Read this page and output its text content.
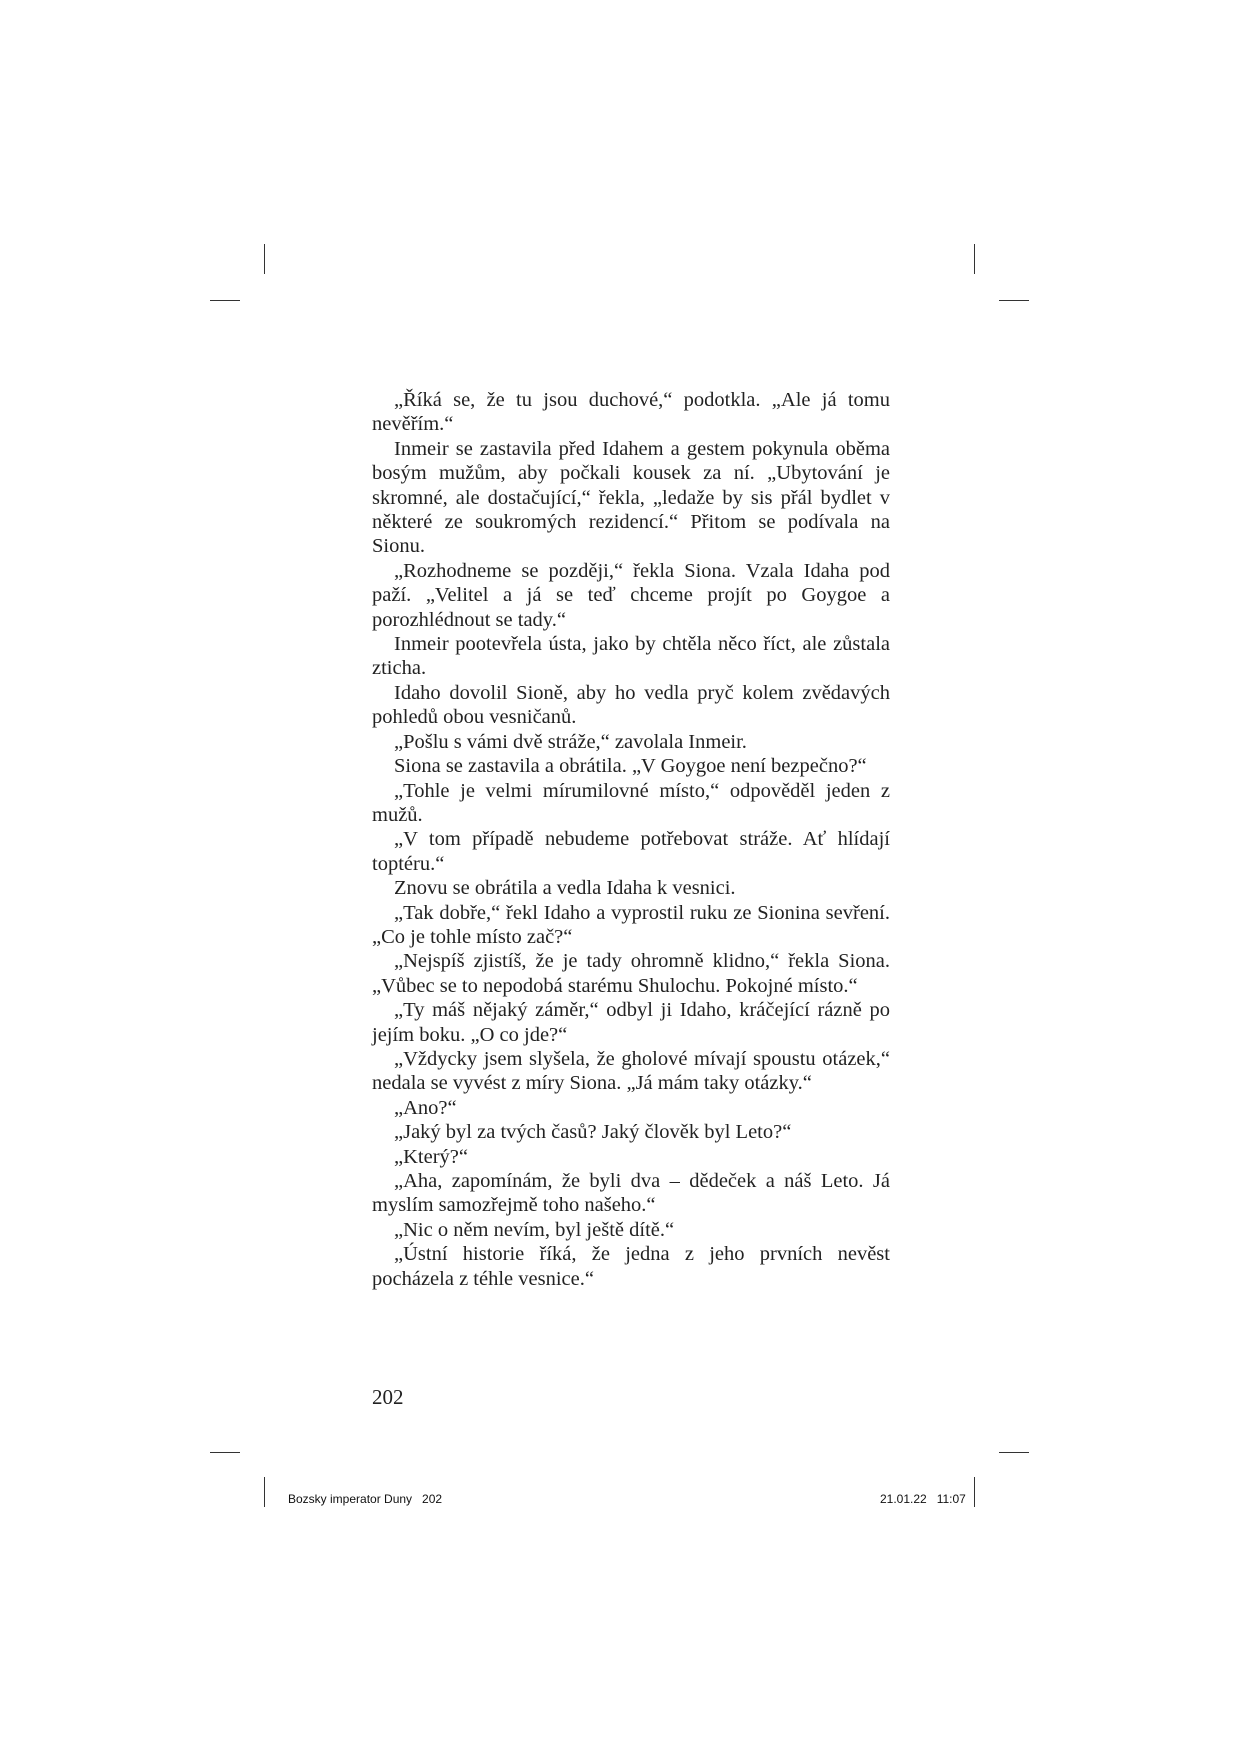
„Říká se, že tu jsou duchové,“ podotkla. „Ale já tomu nevěřím.“

Inmeir se zastavila před Idahem a gestem pokynula oběma bosým mužům, aby počkali kousek za ní. „Ubytování je skromné, ale dostačující,“ řekla, „ledaže by sis přál bydlet v některé ze soukromých rezidencí.“ Přitom se podívala na Sionu.

„Rozhodneme se později,“ řekla Siona. Vzala Idaha pod paží. „Velitel a já se teď chceme projít po Goygoe a porozhlédnout se tady.“

Inmeir pootevřela ústa, jako by chtěla něco říct, ale zůstala zticha.

Idaho dovolil Sioně, aby ho vedla pryč kolem zvědavých pohledů obou vesničanů.

„Pošlu s vámi dvě stráže,“ zavolala Inmeir.

Siona se zastavila a obrátila. „V Goygoe není bezpečno?“

„Tohle je velmi mírumilovné místo,“ odpověděl jeden z mužů.

„V tom případě nebudeme potřebovat stráže. Ať hlídají toptéru.“

Znovu se obrátila a vedla Idaha k vesnici.

„Tak dobře,“ řekl Idaho a vyprostil ruku ze Sionina sevření. „Co je tohle místo zač?“

„Nejspíš zjistíš, že je tady ohromně klidno,“ řekla Siona. „Vůbec se to nepodobá starému Shulochu. Pokojné místo.“

„Ty máš nějaký záměr,“ odbyl ji Idaho, kráčející rázně po jejím boku. „O co jde?“

„Vždycky jsem slyšela, že gholové mívají spoustu otázek,“ nedala se vyvést z míry Siona. „Já mám taky otázky.“

„Ano?“

„Jaký byl za tvých časů? Jaký člověk byl Leto?“

„Který?“

„Aha, zapomínám, že byli dva – dědeček a náš Leto. Já myslím samozřejmě toho našeho.“

„Nic o něm nevím, byl ještě dítě.“

„Ústní historie říká, že jedna z jeho prvních nevěst pocházela z téhle vesnice.“

202
Bozsky imperator Duny   202	21.01.22   11:07
